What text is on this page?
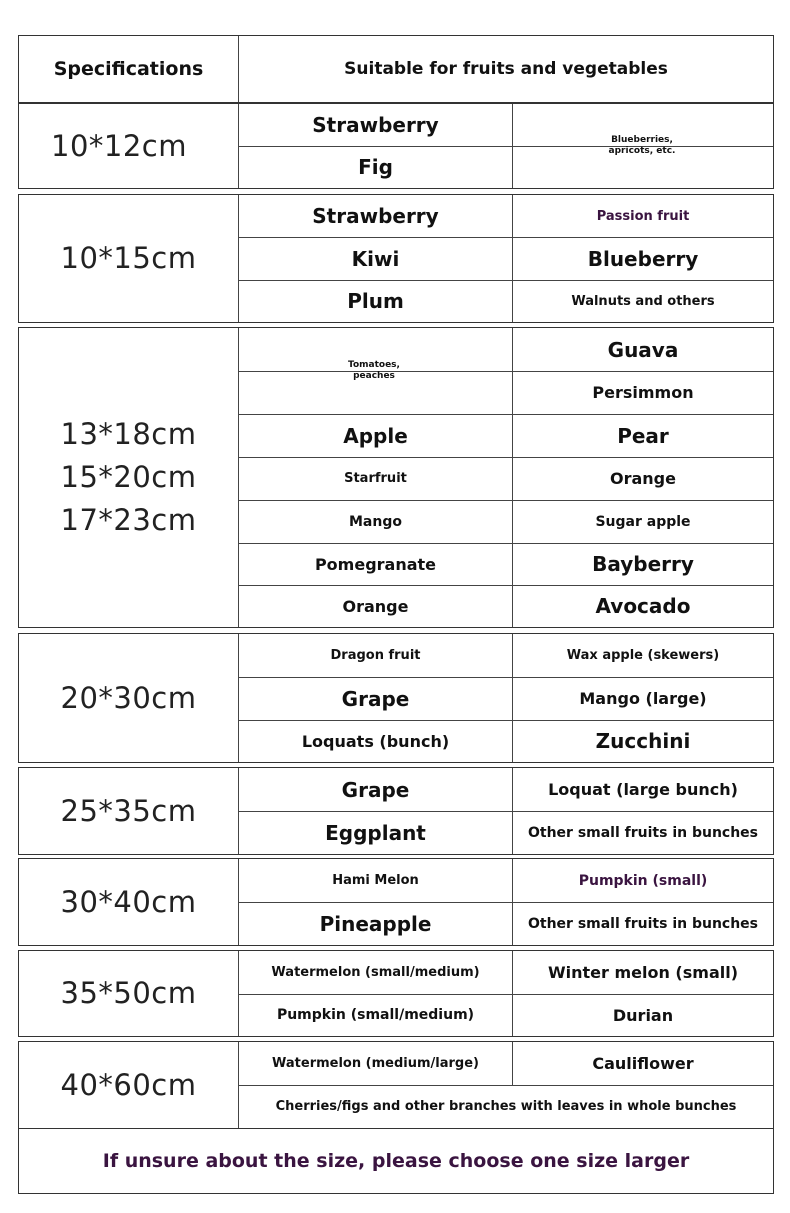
Specifications	Suitable for fruits and vegetables
10*12cm
Strawberry
Fig
Blueberries, apricots, etc.
10*15cm
Strawberry
Kiwi
Plum
Passion fruit
Blueberry
Walnuts and others
13*18cm
15*20cm
17*23cm
Tomatoes, peaches
Apple
Starfruit
Mango
Pomegranate
Orange
Guava
Persimmon
Pear
Orange
Sugar apple
Bayberry
Avocado
20*30cm
Dragon fruit
Grape
Loquats (bunch)
Wax apple (skewers)
Mango (large)
Zucchini
25*35cm
Grape
Eggplant
Loquat (large bunch)
Other small fruits in bunches
30*40cm
Hami Melon
Pineapple
Pumpkin (small)
Other small fruits in bunches
35*50cm
Watermelon (small/medium)
Pumpkin (small/medium)
Winter melon (small)
Durian
40*60cm
Watermelon (medium/large)	Cauliflower
Cherries/figs and other branches with leaves in whole bunches
If unsure about the size, please choose one size larger
